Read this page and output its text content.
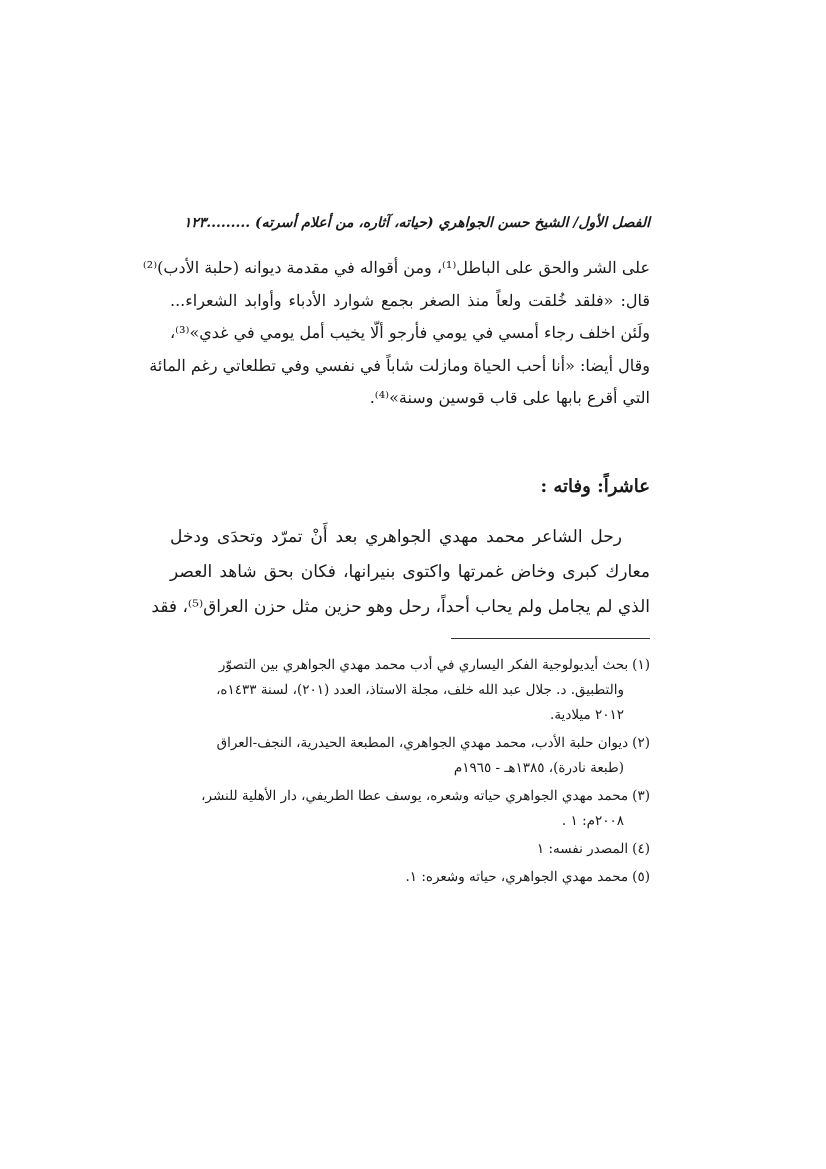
الفصل الأول/ الشيخ حسن الجواهري (حياته، آثاره، من أعلام أسرته) .........١٢٣
على الشر والحق على الباطل⁽¹⁾، ومن أقواله في مقدمة ديوانه (حلبة الأدب)⁽²⁾
قال: «فلقد خُلقت ولعاً منذ الصغر بجمع شوارد الأدباء وأوابد الشعراء...
ولَئن اخلف رجاء أمسي في يومي فأرجو ألّا يخيب أمل يومي في غدي»⁽³⁾،
وقال أيضا: «أنا أحب الحياة ومازلت شاباً في نفسي وفي تطلعاتي رغم المائة
التي أقرع بابها على قاب قوسين وسنة»⁽⁴⁾.
عاشراً: وفاته :
رحل الشاعر محمد مهدي الجواهري بعد أَنْ تمرّد وتحدَى ودخل
معارك كبرى وخاض غمرتها واكتوى بنيرانها، فكان بحق شاهد العصر
الذي لم يجامل ولم يحاب أحداً، رحل وهو حزين مثل حزن العراق⁽⁵⁾، فقد
(١)بحث أيديولوجية الفكر اليساري في أدب محمد مهدي الجواهري بين التصوّر
والتطبيق. د. جلال عبد الله خلف، مجلة الاستاذ، العدد (٢٠١)، لسنة ١٤٣٣ه،
٢٠١٢ ميلادية.
(٢)ديوان حلبة الأدب، محمد مهدي الجواهري، المطبعة الحيدرية، النجف-العراق
(طبعة نادرة)، ١٣٨٥هـ - ١٩٦٥م
(٣)محمد مهدي الجواهري حياته وشعره، يوسف عطا الطريفي، دار الأهلية للنشر،
٢٠٠٨م: ١ .
(٤)المصدر نفسه: ١
(٥)محمد مهدي الجواهري، حياته وشعره: ١.
